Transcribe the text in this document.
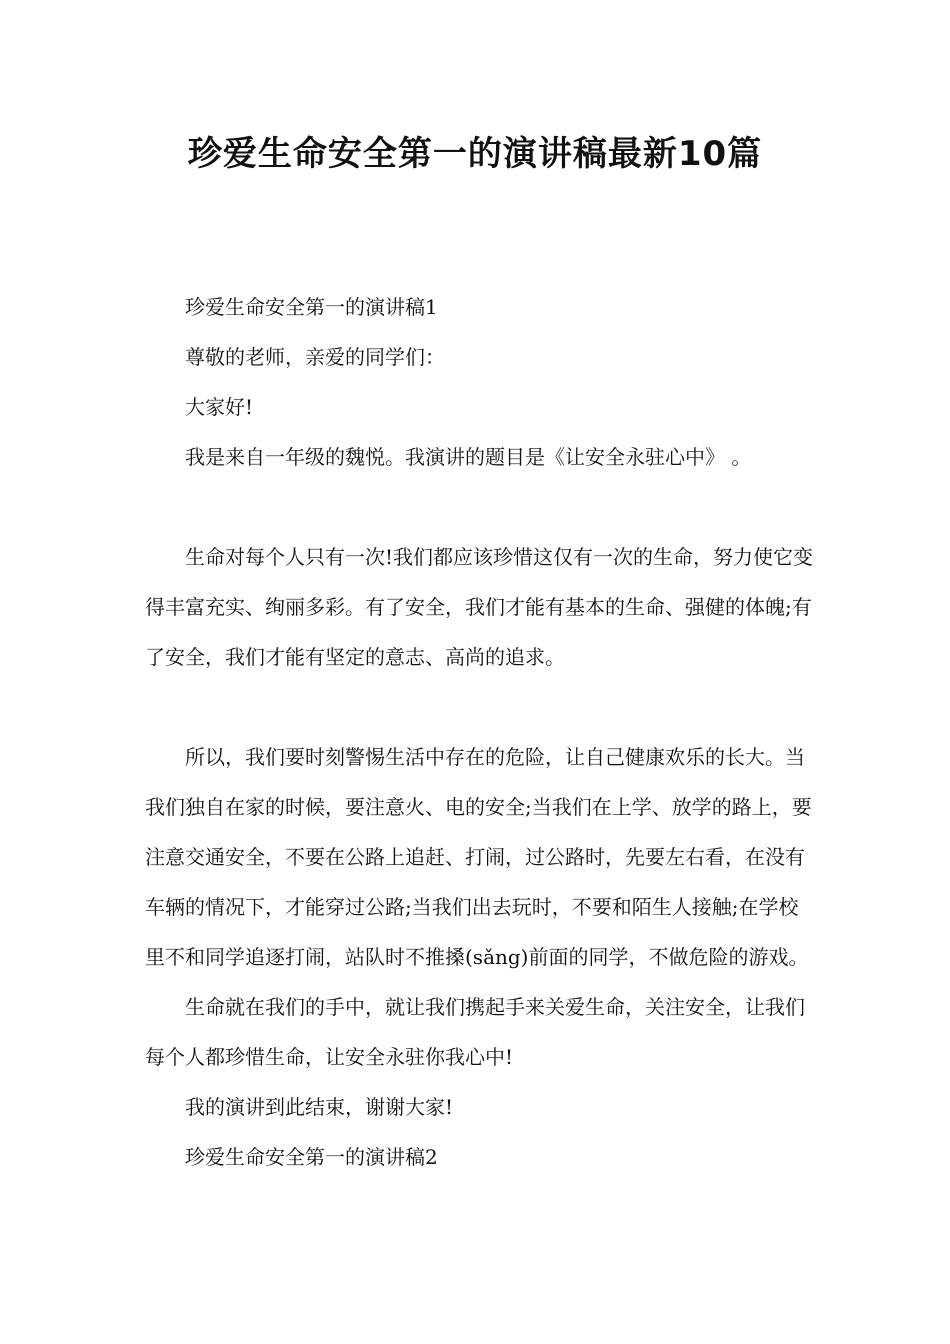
珍爱生命安全第一的演讲稿最新10篇

珍爱生命安全第一的演讲稿1

尊敬的老师，亲爱的同学们：

大家好!

我是来自一年级的魏悦。我演讲的题目是《让安全永驻心中》 。

生命对每个人只有一次!我们都应该珍惜这仅有一次的生命，努力使它变得丰富充实、绚丽多彩。有了安全，我们才能有基本的生命、强健的体魄;有了安全，我们才能有坚定的意志、高尚的追求。

所以，我们要时刻警惕生活中存在的危险，让自己健康欢乐的长大。当我们独自在家的时候，要注意火、电的安全;当我们在上学、放学的路上，要注意交通安全，不要在公路上追赶、打闹，过公路时，先要左右看，在没有车辆的情况下，才能穿过公路;当我们出去玩时，不要和陌生人接触;在学校里不和同学追逐打闹，站队时不推搡(sǎng)前面的同学，不做危险的游戏。

生命就在我们的手中，就让我们携起手来关爱生命，关注安全，让我们每个人都珍惜生命，让安全永驻你我心中!

我的演讲到此结束，谢谢大家!

珍爱生命安全第一的演讲稿2
